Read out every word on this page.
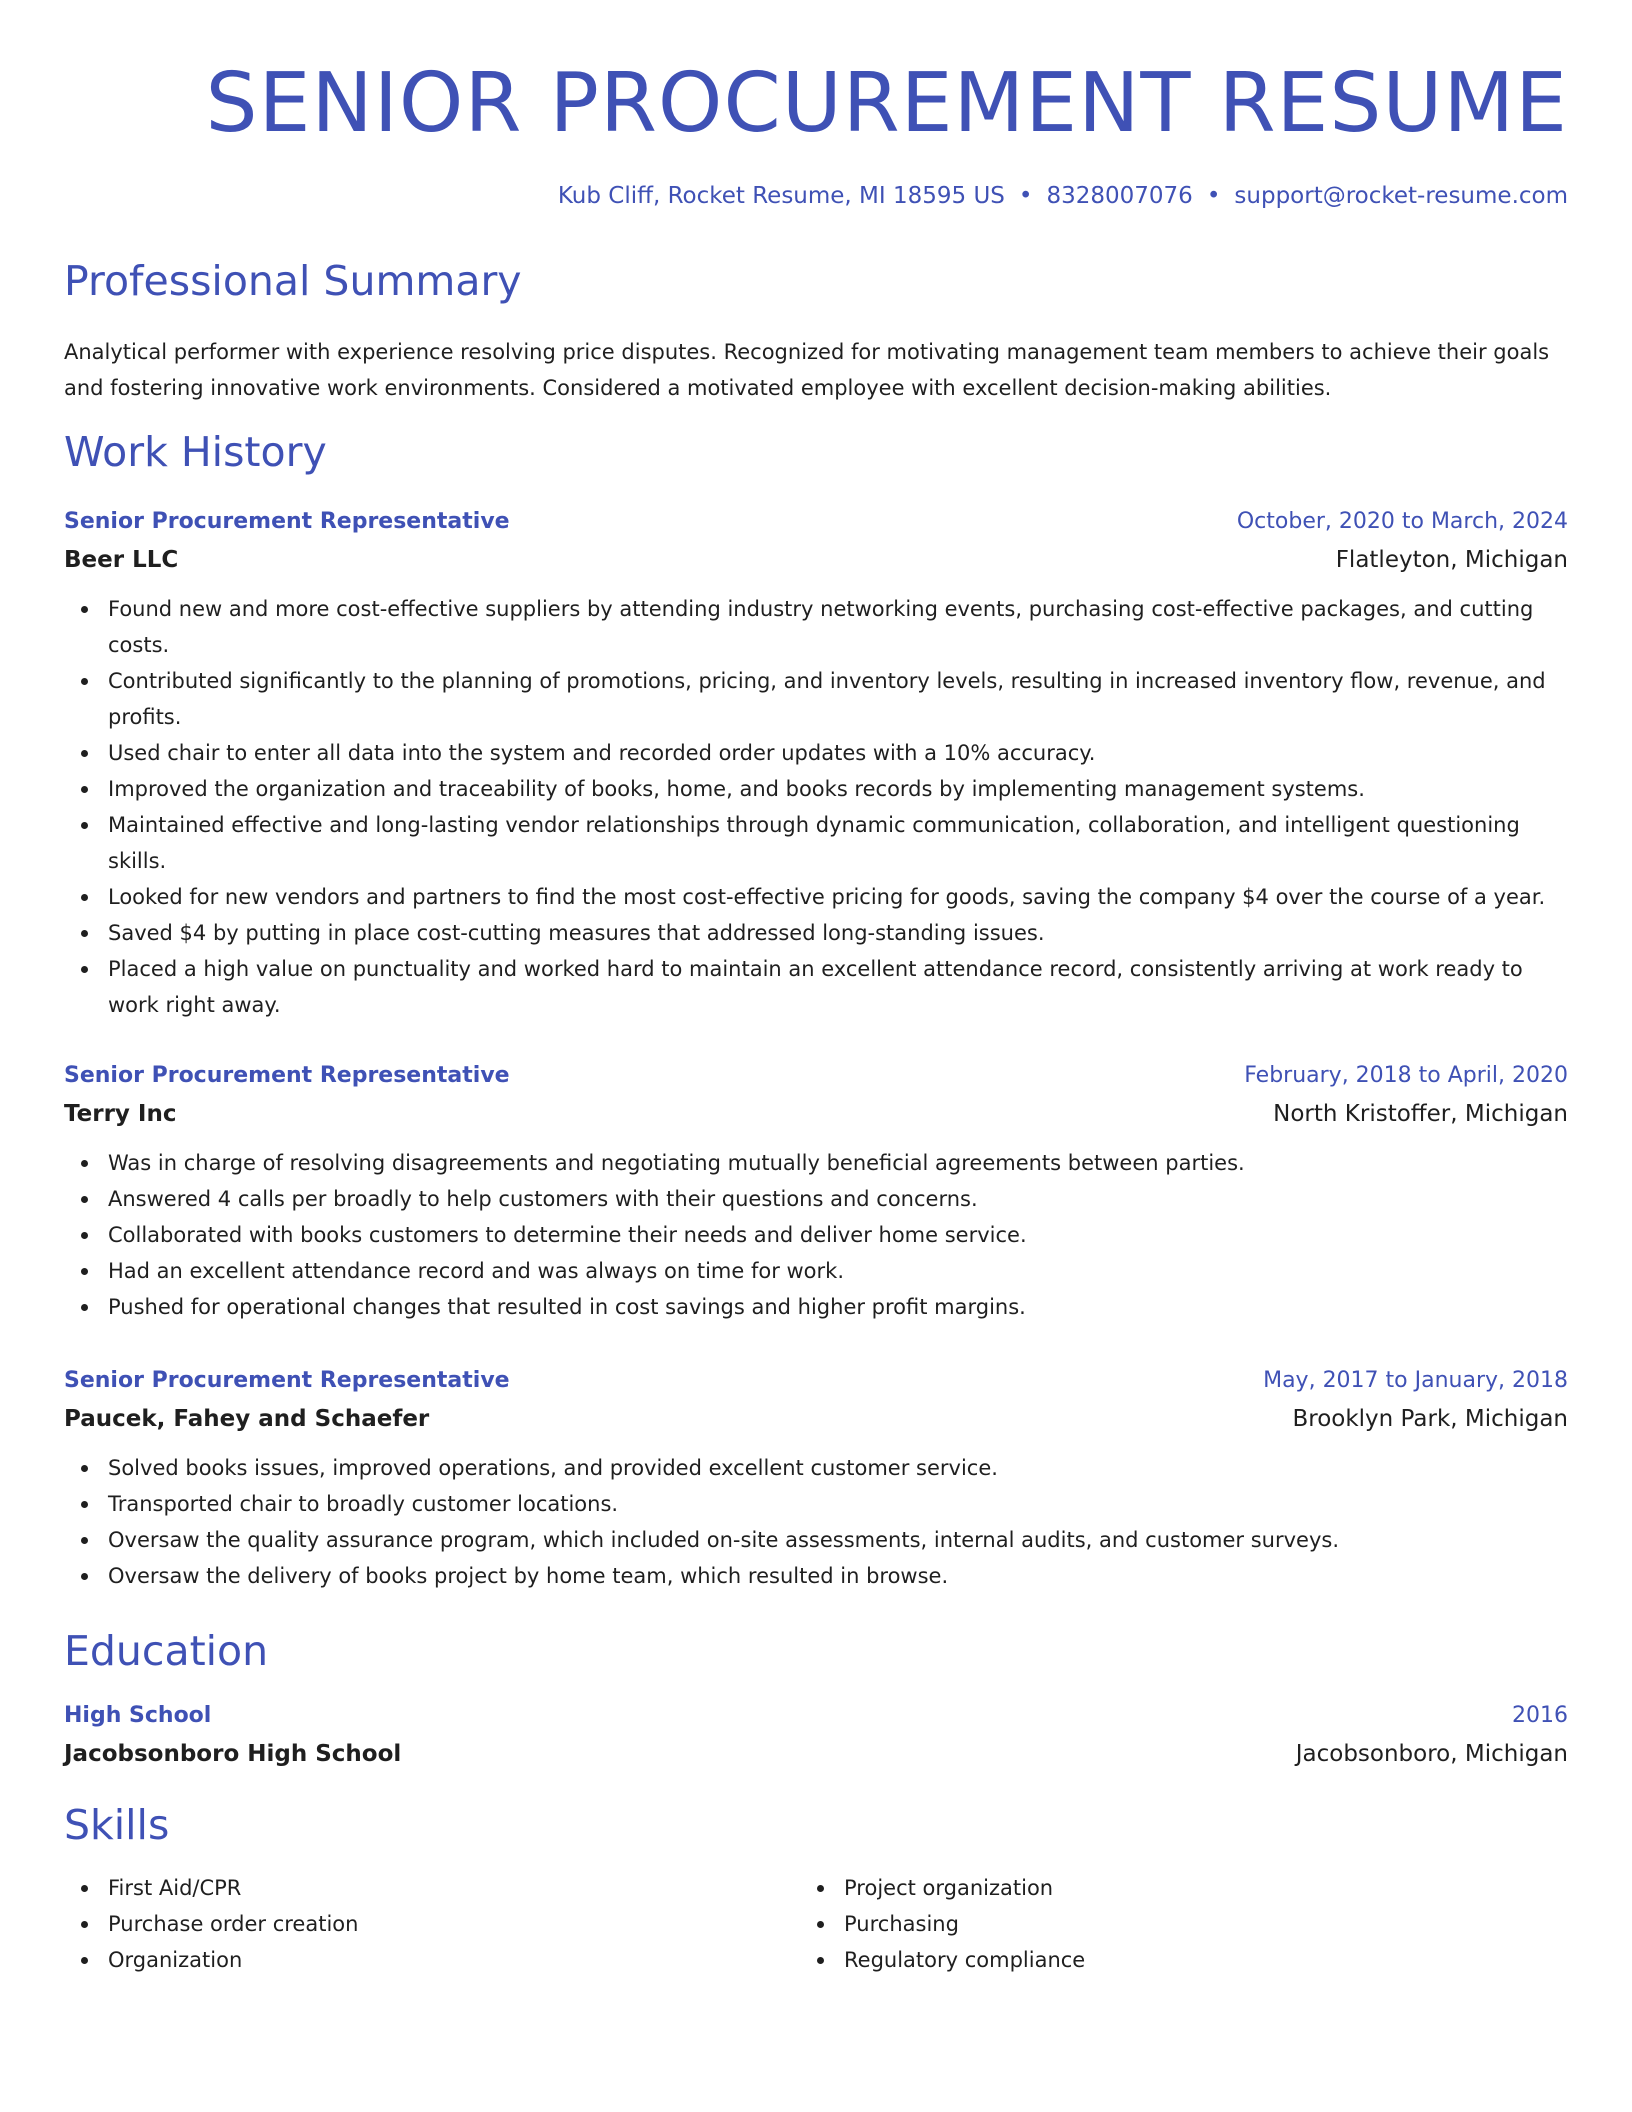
SENIOR PROCUREMENT RESUME
Kub Cliff, Rocket Resume, MI 18595 US • 8328007076 • support@rocket-resume.com
Professional Summary
Analytical performer with experience resolving price disputes. Recognized for motivating management team members to achieve their goals and fostering innovative work environments. Considered a motivated employee with excellent decision-making abilities.
Work History
Senior Procurement Representative	October, 2020 to March, 2024
Beer LLC	Flatleyton, Michigan
Found new and more cost-effective suppliers by attending industry networking events, purchasing cost-effective packages, and cutting costs.
Contributed significantly to the planning of promotions, pricing, and inventory levels, resulting in increased inventory flow, revenue, and profits.
Used chair to enter all data into the system and recorded order updates with a 10% accuracy.
Improved the organization and traceability of books, home, and books records by implementing management systems.
Maintained effective and long-lasting vendor relationships through dynamic communication, collaboration, and intelligent questioning skills.
Looked for new vendors and partners to find the most cost-effective pricing for goods, saving the company $4 over the course of a year.
Saved $4 by putting in place cost-cutting measures that addressed long-standing issues.
Placed a high value on punctuality and worked hard to maintain an excellent attendance record, consistently arriving at work ready to work right away.
Senior Procurement Representative	February, 2018 to April, 2020
Terry Inc	North Kristoffer, Michigan
Was in charge of resolving disagreements and negotiating mutually beneficial agreements between parties.
Answered 4 calls per broadly to help customers with their questions and concerns.
Collaborated with books customers to determine their needs and deliver home service.
Had an excellent attendance record and was always on time for work.
Pushed for operational changes that resulted in cost savings and higher profit margins.
Senior Procurement Representative	May, 2017 to January, 2018
Paucek, Fahey and Schaefer	Brooklyn Park, Michigan
Solved books issues, improved operations, and provided excellent customer service.
Transported chair to broadly customer locations.
Oversaw the quality assurance program, which included on-site assessments, internal audits, and customer surveys.
Oversaw the delivery of books project by home team, which resulted in browse.
Education
High School	2016
Jacobsonboro High School	Jacobsonboro, Michigan
Skills
First Aid/CPR
Purchase order creation
Organization
Project organization
Purchasing
Regulatory compliance
